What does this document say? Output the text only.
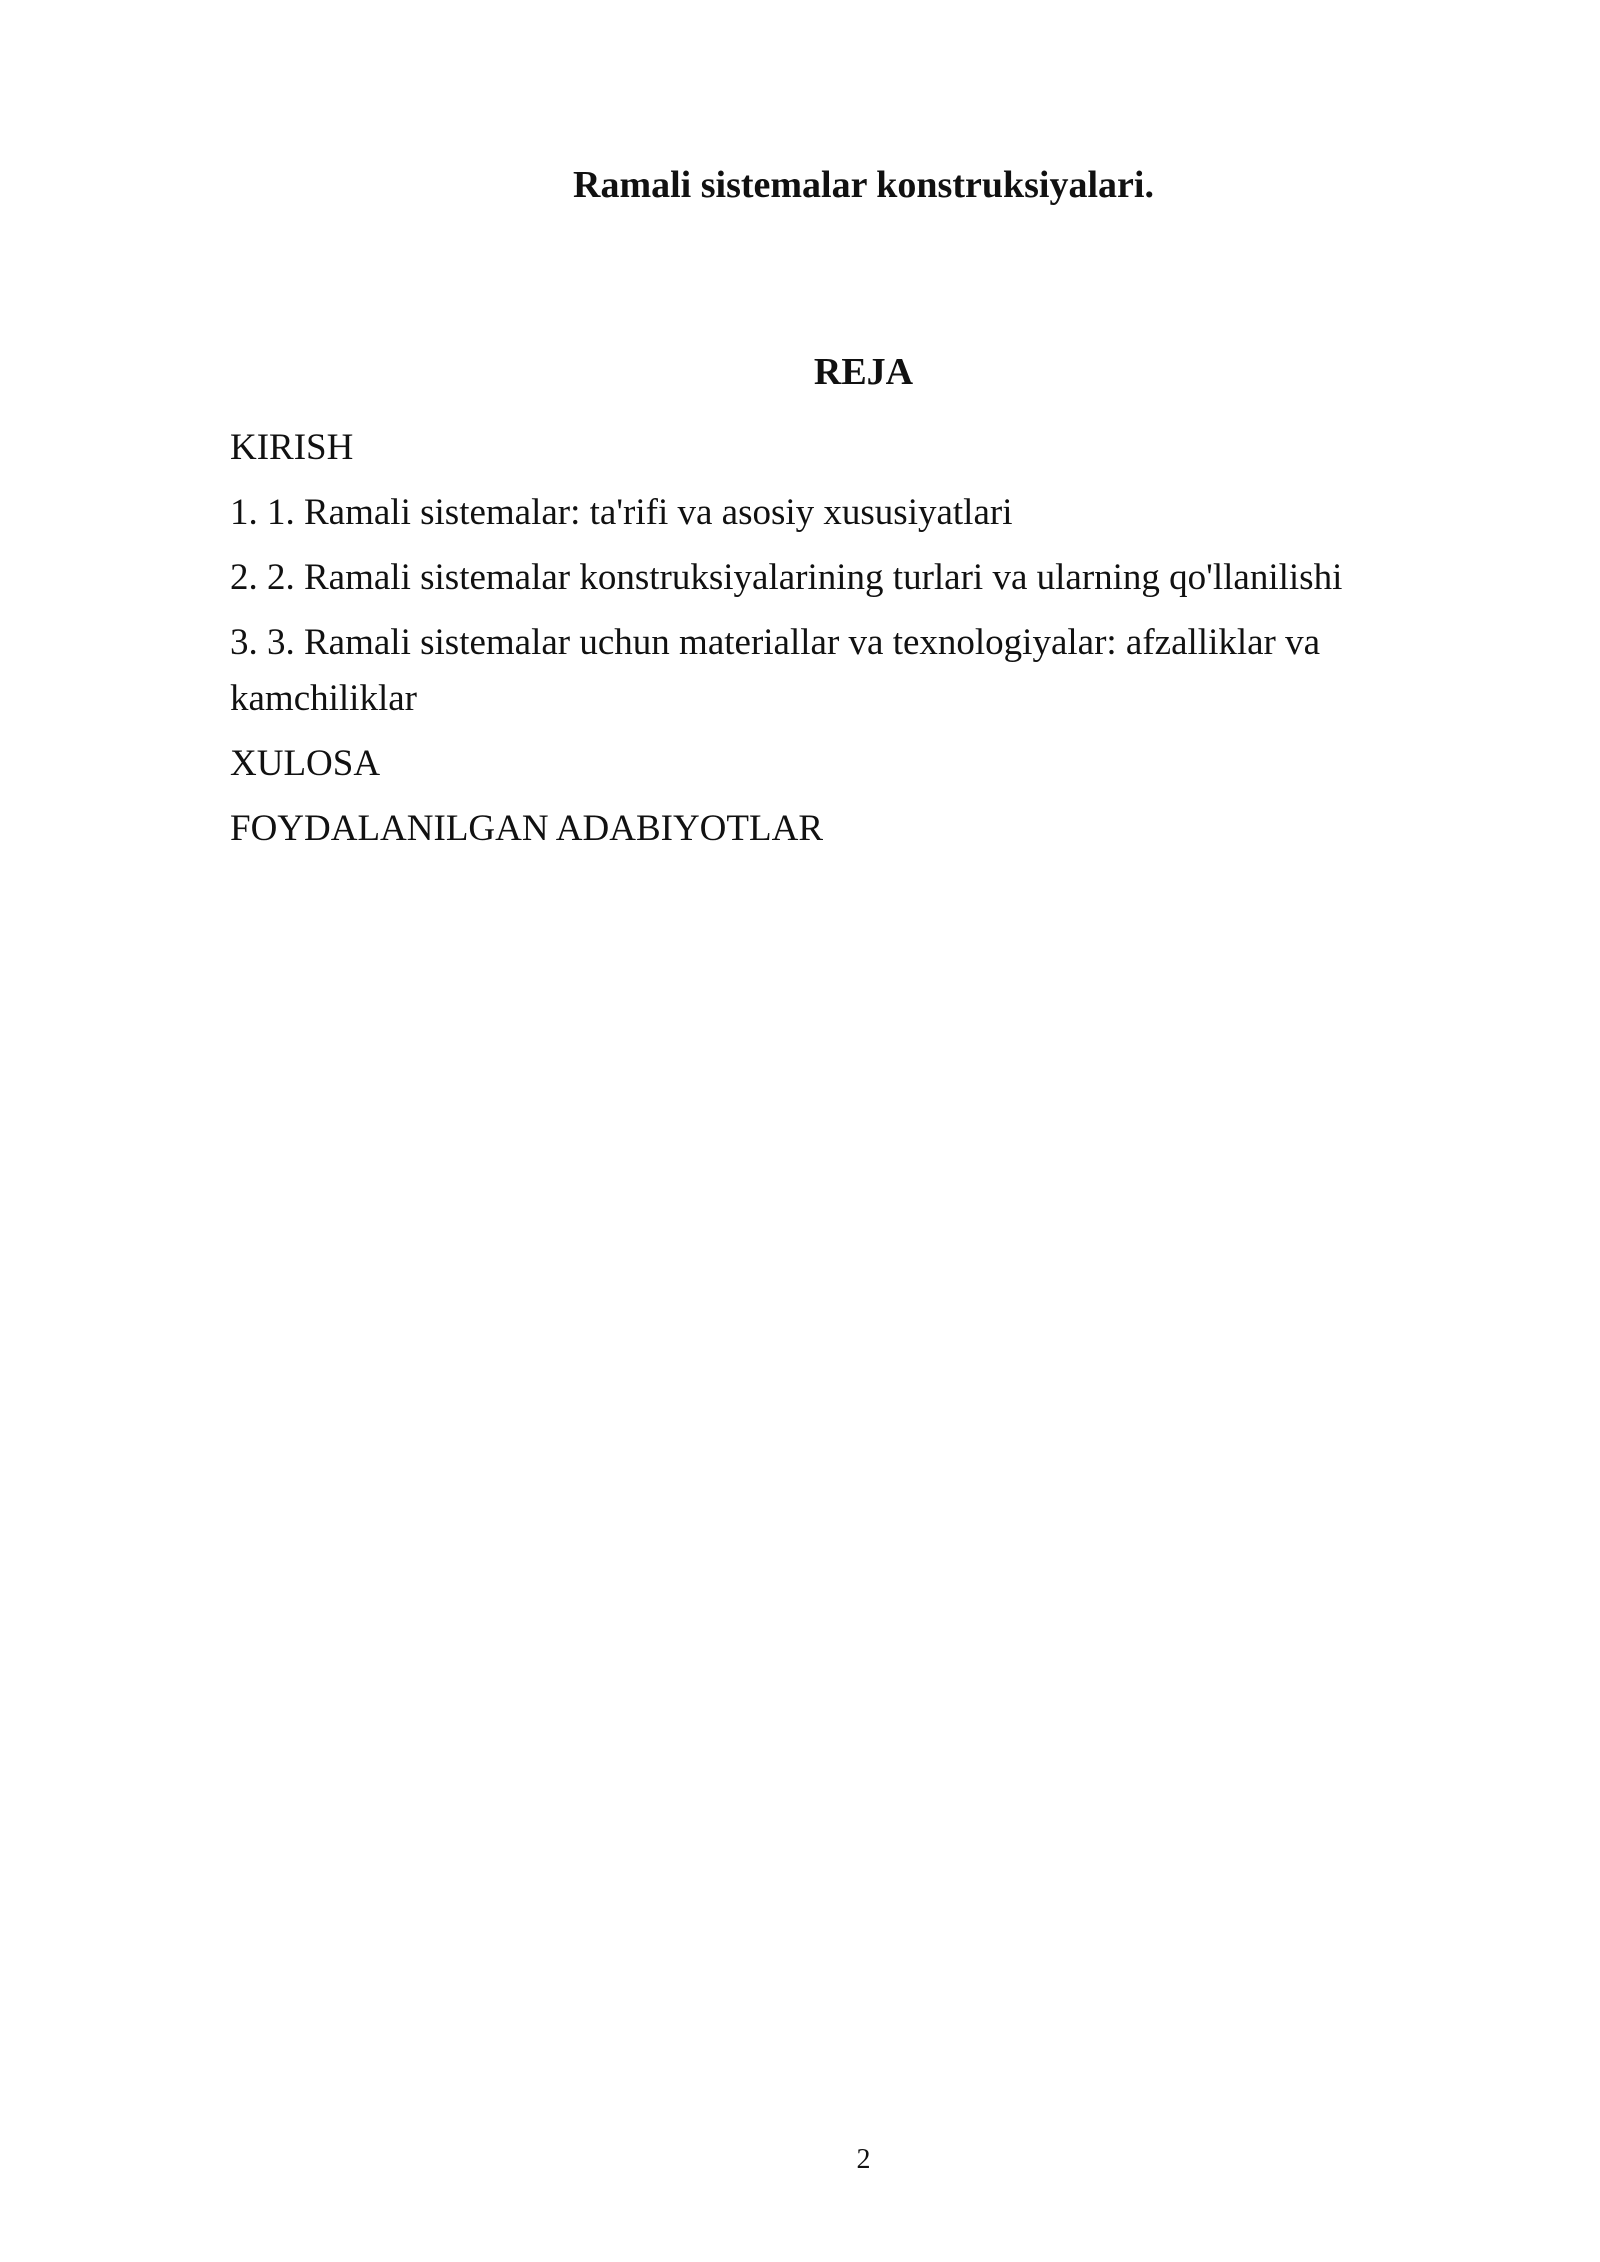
Ramali sistemalar konstruksiyalari.
REJA
KIRISH
1. 1. Ramali sistemalar: ta'rifi va asosiy xususiyatlari
2. 2. Ramali sistemalar konstruksiyalarining turlari va ularning qo'llanilishi
3. 3. Ramali sistemalar uchun materiallar va texnologiyalar: afzalliklar va kamchiliklar
XULOSA
FOYDALANILGAN ADABIYOTLAR
2
